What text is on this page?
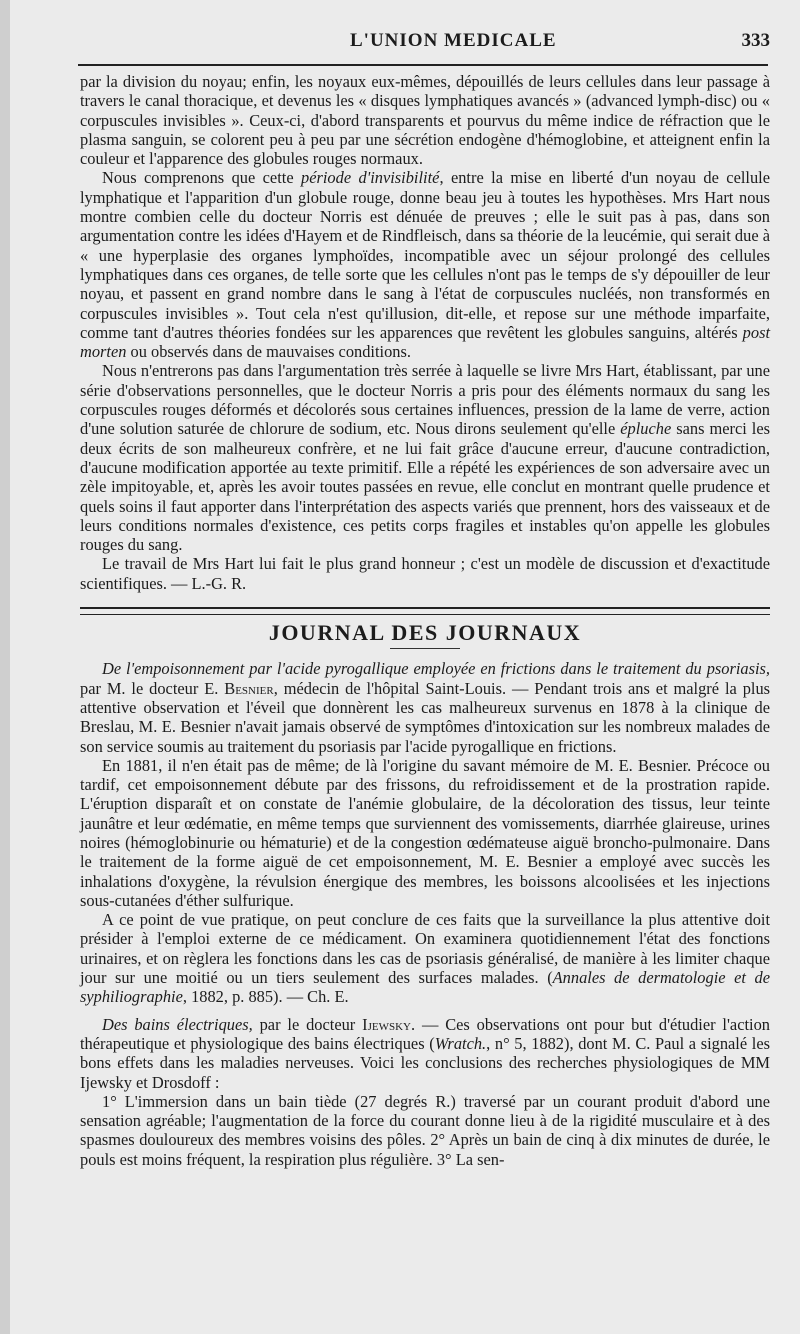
L'UNION MEDICALE	333

par la division du noyau; enfin, les noyaux eux-mêmes, dépouillés de leurs cellules dans leur passage à travers le canal thoracique, et devenus les « disques lymphatiques avancés » (advanced lymph-disc) ou « corpuscules invisibles ». Ceux-ci, d'abord transparents et pourvus du même indice de réfraction que le plasma sanguin, se colorent peu à peu par une sécrétion endogène d'hémoglobine, et atteignent enfin la couleur et l'apparence des globules rouges normaux.

Nous comprenons que cette période d'invisibilité, entre la mise en liberté d'un noyau de cellule lymphatique et l'apparition d'un globule rouge, donne beau jeu à toutes les hypothèses. Mrs Hart nous montre combien celle du docteur Norris est dénuée de preuves ; elle le suit pas à pas, dans son argumentation contre les idées d'Hayem et de Rindfleisch, dans sa théorie de la leucémie, qui serait due à « une hyperplasie des organes lymphoïdes, incompatible avec un séjour prolongé des cellules lymphatiques dans ces organes, de telle sorte que les cellules n'ont pas le temps de s'y dépouiller de leur noyau, et passent en grand nombre dans le sang à l'état de corpuscules nucléés, non transformés en corpuscules invisibles ». Tout cela n'est qu'illusion, dit-elle, et repose sur une méthode imparfaite, comme tant d'autres théories fondées sur les apparences que revêtent les globules sanguins, altérés post morten ou observés dans de mauvaises conditions.

Nous n'entrerons pas dans l'argumentation très serrée à laquelle se livre Mrs Hart, établissant, par une série d'observations personnelles, que le docteur Norris a pris pour des éléments normaux du sang les corpuscules rouges déformés et décolorés sous certaines influences, pression de la lame de verre, action d'une solution saturée de chlorure de sodium, etc. Nous dirons seulement qu'elle épluche sans merci les deux écrits de son malheureux confrère, et ne lui fait grâce d'aucune erreur, d'aucune contradiction, d'aucune modification apportée au texte primitif. Elle a répété les expériences de son adversaire avec un zèle impitoyable, et, après les avoir toutes passées en revue, elle conclut en montrant quelle prudence et quels soins il faut apporter dans l'interprétation des aspects variés que prennent, hors des vaisseaux et de leurs conditions normales d'existence, ces petits corps fragiles et instables qu'on appelle les globules rouges du sang.

Le travail de Mrs Hart lui fait le plus grand honneur ; c'est un modèle de discussion et d'exactitude scientifiques. — L.-G. R.

JOURNAL DES JOURNAUX

De l'empoisonnement par l'acide pyrogallique employée en frictions dans le traitement du psoriasis, par M. le docteur E. Besnier, médecin de l'hôpital Saint-Louis. — Pendant trois ans et malgré la plus attentive observation et l'éveil que donnèrent les cas malheureux survenus en 1878 à la clinique de Breslau, M. E. Besnier n'avait jamais observé de symptômes d'intoxication sur les nombreux malades de son service soumis au traitement du psoriasis par l'acide pyrogallique en frictions.

En 1881, il n'en était pas de même; de là l'origine du savant mémoire de M. E. Besnier. Précoce ou tardif, cet empoisonnement débute par des frissons, du refroidissement et de la prostration rapide. L'éruption disparaît et on constate de l'anémie globulaire, de la décoloration des tissus, leur teinte jaunâtre et leur œdématie, en même temps que surviennent des vomissements, diarrhée glaireuse, urines noires (hémoglobinurie ou hématurie) et de la congestion œdémateuse aiguë broncho-pulmonaire. Dans le traitement de la forme aiguë de cet empoisonnement, M. E. Besnier a employé avec succès les inhalations d'oxygène, la révulsion énergique des membres, les boissons alcoolisées et les injections sous-cutanées d'éther sulfurique.

A ce point de vue pratique, on peut conclure de ces faits que la surveillance la plus attentive doit présider à l'emploi externe de ce médicament. On examinera quotidiennement l'état des fonctions urinaires, et on règlera les fonctions dans les cas de psoriasis généralisé, de manière à les limiter chaque jour sur une moitié ou un tiers seulement des surfaces malades. (Annales de dermatologie et de syphiliographie, 1882, p. 885). — Ch. E.

Des bains électriques, par le docteur Ijewsky. — Ces observations ont pour but d'étudier l'action thérapeutique et physiologique des bains électriques (Wratch., n° 5, 1882), dont M. C. Paul a signalé les bons effets dans les maladies nerveuses. Voici les conclusions des recherches physiologiques de MM Ijewsky et Drosdoff :

1° L'immersion dans un bain tiède (27 degrés R.) traversé par un courant produit d'abord une sensation agréable; l'augmentation de la force du courant donne lieu à de la rigidité musculaire et à des spasmes douloureux des membres voisins des pôles. 2° Après un bain de cinq à dix minutes de durée, le pouls est moins fréquent, la respiration plus régulière. 3° La sen-
